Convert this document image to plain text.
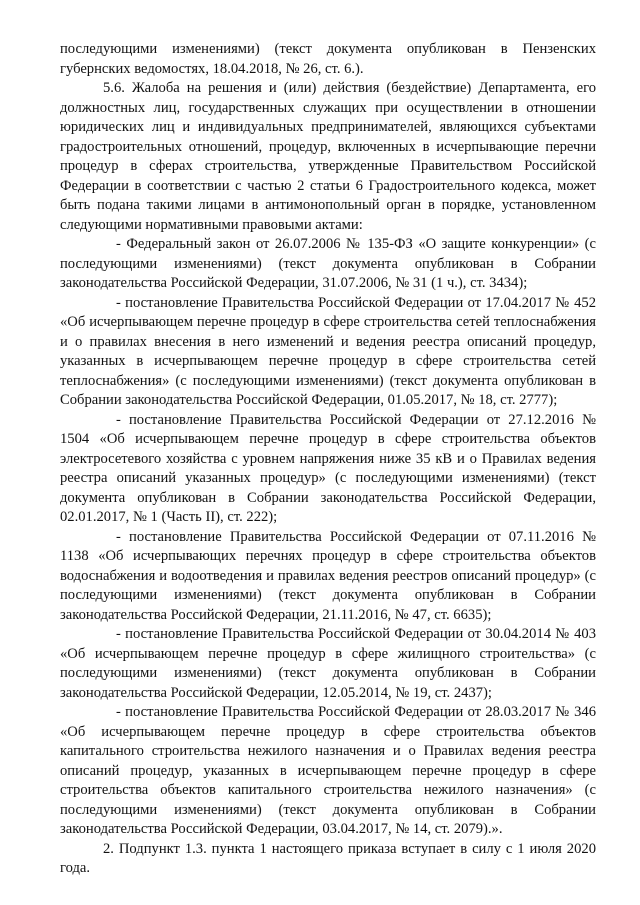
последующими изменениями) (текст документа опубликован в Пензенских губернских ведомостях, 18.04.2018, № 26, ст. 6.).

5.6. Жалоба на решения и (или) действия (бездействие) Департамента, его должностных лиц, государственных служащих при осуществлении в отношении юридических лиц и индивидуальных предпринимателей, являющихся субъектами градостроительных отношений, процедур, включенных в исчерпывающие перечни процедур в сферах строительства, утвержденные Правительством Российской Федерации в соответствии с частью 2 статьи 6 Градостроительного кодекса, может быть подана такими лицами в антимонопольный орган в порядке, установленном следующими нормативными правовыми актами:

- Федеральный закон от 26.07.2006 № 135-ФЗ «О защите конкуренции» (с последующими изменениями) (текст документа опубликован в Собрании законодательства Российской Федерации, 31.07.2006, № 31 (1 ч.), ст. 3434);
- постановление Правительства Российской Федерации от 17.04.2017 № 452 «Об исчерпывающем перечне процедур в сфере строительства сетей теплоснабжения и о правилах внесения в него изменений и ведения реестра описаний процедур, указанных в исчерпывающем перечне процедур в сфере строительства сетей теплоснабжения» (с последующими изменениями) (текст документа опубликован в Собрании законодательства Российской Федерации, 01.05.2017, № 18, ст. 2777);
- постановление Правительства Российской Федерации от 27.12.2016 № 1504 «Об исчерпывающем перечне процедур в сфере строительства объектов электросетевого хозяйства с уровнем напряжения ниже 35 кВ и о Правилах ведения реестра описаний указанных процедур» (с последующими изменениями) (текст документа опубликован в Собрании законодательства Российской Федерации, 02.01.2017, № 1 (Часть II), ст. 222);
- постановление Правительства Российской Федерации от 07.11.2016 № 1138 «Об исчерпывающих перечнях процедур в сфере строительства объектов водоснабжения и водоотведения и правилах ведения реестров описаний процедур» (с последующими изменениями) (текст документа опубликован в Собрании законодательства Российской Федерации, 21.11.2016, № 47, ст. 6635);
- постановление Правительства Российской Федерации от 30.04.2014 № 403 «Об исчерпывающем перечне процедур в сфере жилищного строительства» (с последующими изменениями) (текст документа опубликован в Собрании законодательства Российской Федерации, 12.05.2014, № 19, ст. 2437);
- постановление Правительства Российской Федерации от 28.03.2017 № 346 «Об исчерпывающем перечне процедур в сфере строительства объектов капитального строительства нежилого назначения и о Правилах ведения реестра описаний процедур, указанных в исчерпывающем перечне процедур в сфере строительства объектов капитального строительства нежилого назначения» (с последующими изменениями) (текст документа опубликован в Собрании законодательства Российской Федерации, 03.04.2017, № 14, ст. 2079).».

2. Подпункт 1.3. пункта 1 настоящего приказа вступает в силу с 1 июля 2020 года.
